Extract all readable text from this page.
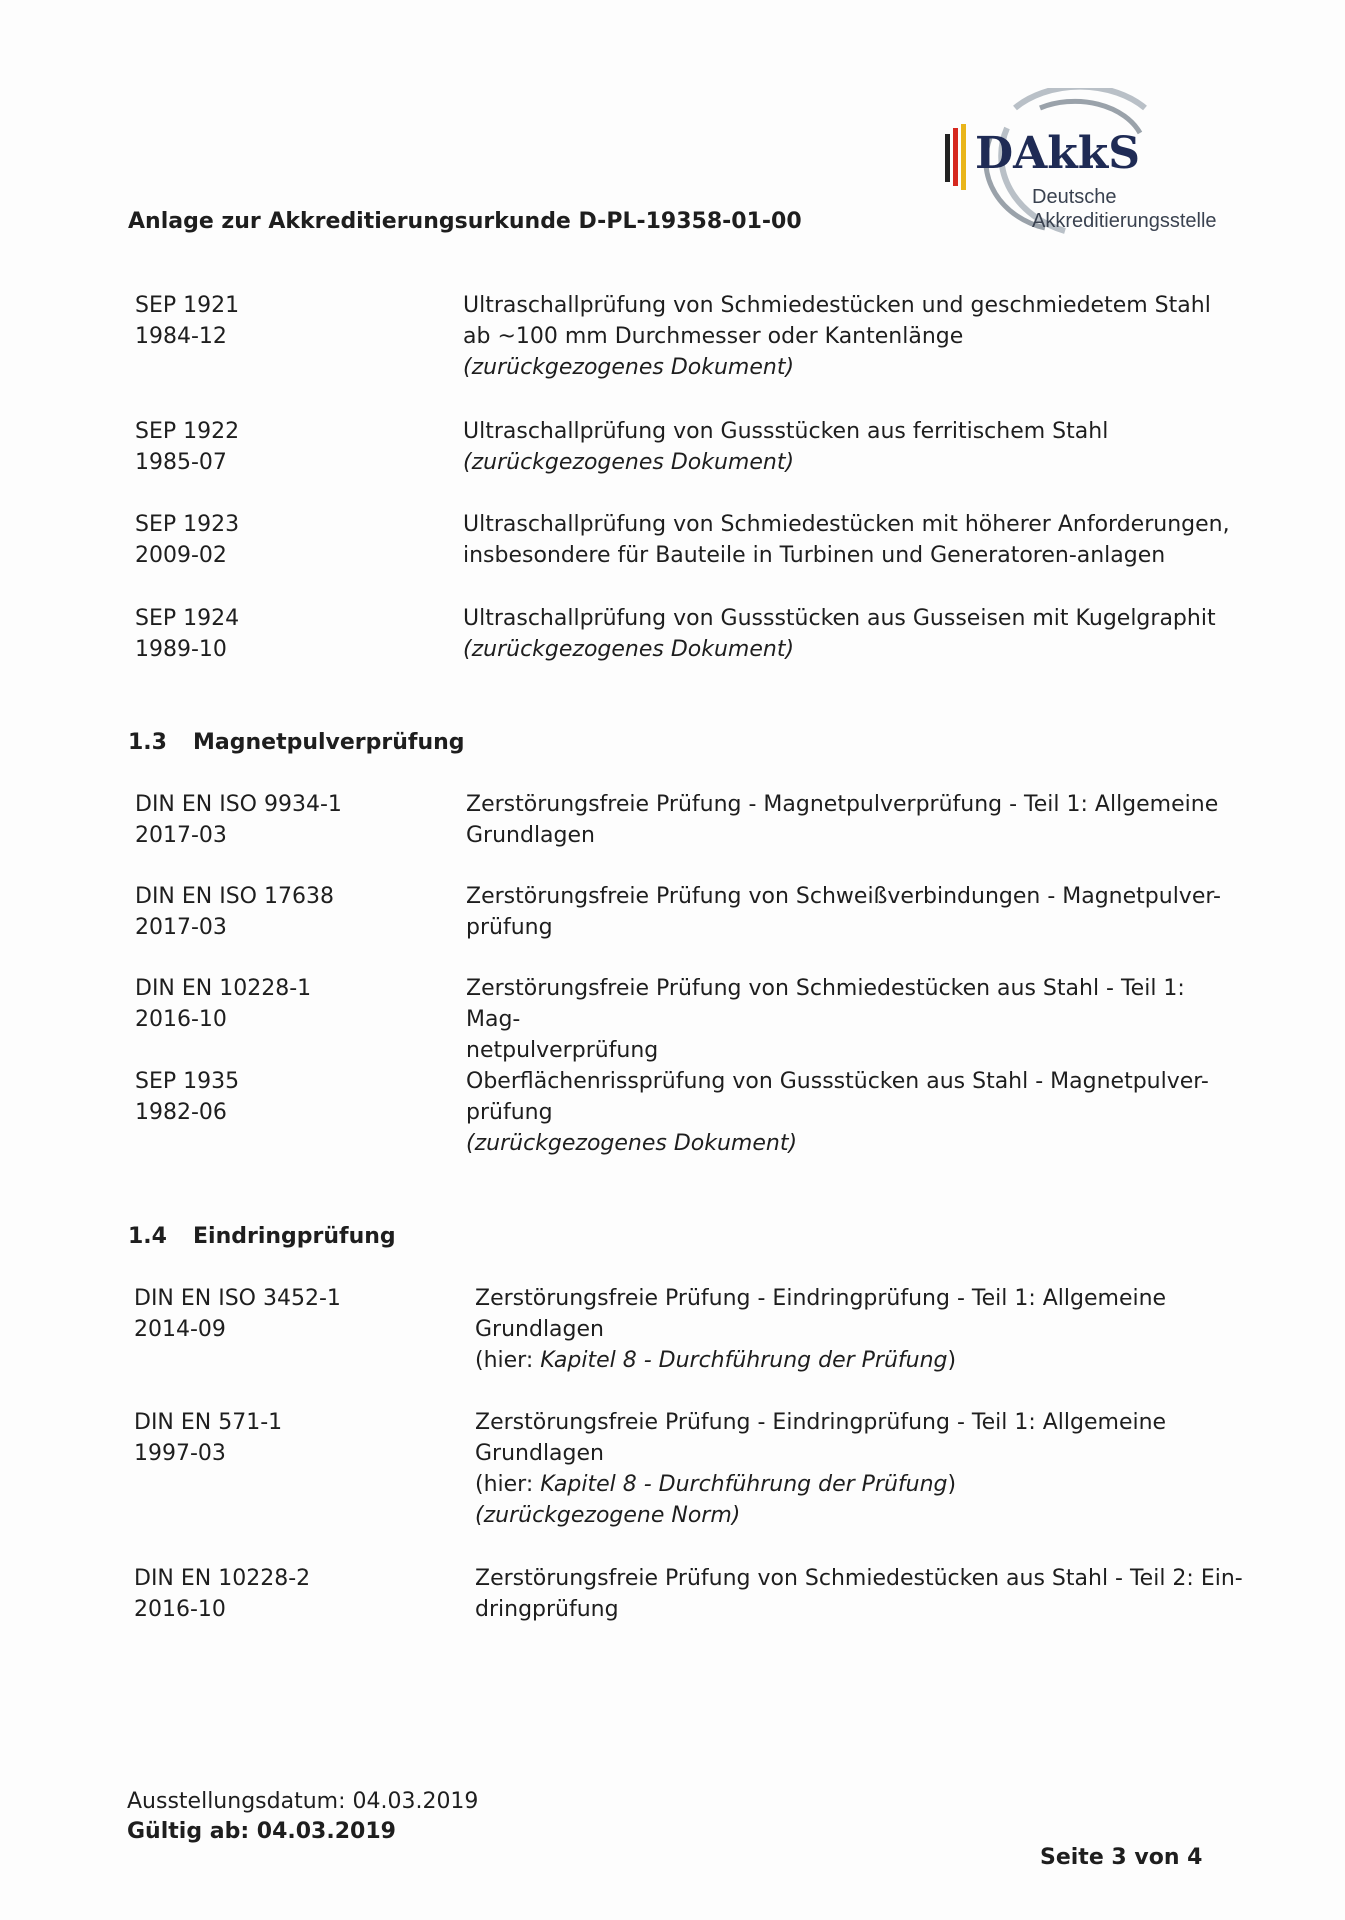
DAkkS
Deutsche
Akkreditierungsstelle
Anlage zur Akkreditierungsurkunde D-PL-19358-01-00
SEP 1921
1984-12
Ultraschallprüfung von Schmiedestücken und geschmiedetem Stahl
ab ~100 mm Durchmesser oder Kantenlänge
(zurückgezogenes Dokument)
SEP 1922
1985-07
Ultraschallprüfung von Gussstücken aus ferritischem Stahl
(zurückgezogenes Dokument)
SEP 1923
2009-02
Ultraschallprüfung von Schmiedestücken mit höherer Anforderungen,
insbesondere für Bauteile in Turbinen und Generatoren-anlagen
SEP 1924
1989-10
Ultraschallprüfung von Gussstücken aus Gusseisen mit Kugelgraphit
(zurückgezogenes Dokument)
1.3 Magnetpulverprüfung
DIN EN ISO 9934-1
2017-03
Zerstörungsfreie Prüfung - Magnetpulverprüfung - Teil 1: Allgemeine
Grundlagen
DIN EN ISO 17638
2017-03
Zerstörungsfreie Prüfung von Schweißverbindungen - Magnetpulver-
prüfung
DIN EN 10228-1
2016-10
Zerstörungsfreie Prüfung von Schmiedestücken aus Stahl - Teil 1: Mag-
netpulverprüfung
SEP 1935
1982-06
Oberflächenrissprüfung von Gussstücken aus Stahl - Magnetpulver-
prüfung
(zurückgezogenes Dokument)
1.4 Eindringprüfung
DIN EN ISO 3452-1
2014-09
Zerstörungsfreie Prüfung - Eindringprüfung - Teil 1: Allgemeine
Grundlagen
(hier: Kapitel 8 - Durchführung der Prüfung)
DIN EN 571-1
1997-03
Zerstörungsfreie Prüfung - Eindringprüfung - Teil 1: Allgemeine
Grundlagen
(hier: Kapitel 8 - Durchführung der Prüfung)
(zurückgezogene Norm)
DIN EN 10228-2
2016-10
Zerstörungsfreie Prüfung von Schmiedestücken aus Stahl - Teil 2: Ein-
dringprüfung
Ausstellungsdatum: 04.03.2019
Gültig ab: 04.03.2019
Seite 3 von 4
